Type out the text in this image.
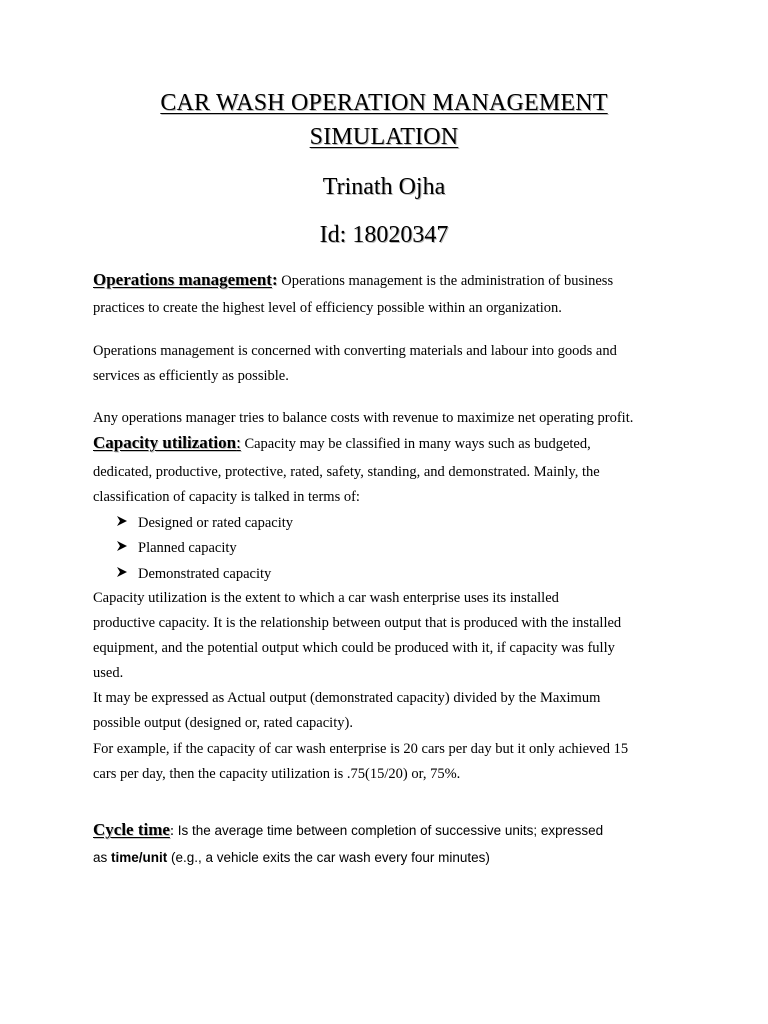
CAR WASH OPERATION MANAGEMENT
SIMULATION
Trinath Ojha
Id: 18020347
Operations management: Operations management is the administration of business
practices to create the highest level of efficiency possible within an organization.
Operations management is concerned with converting materials and labour into goods and
services as efficiently as possible.
Any operations manager tries to balance costs with revenue to maximize net operating profit.
Capacity utilization: Capacity may be classified in many ways such as budgeted,
dedicated, productive, protective, rated, safety, standing, and demonstrated. Mainly, the
classification of capacity is talked in terms of:
Designed or rated capacity
Planned capacity
Demonstrated capacity
Capacity utilization is the extent to which a car wash enterprise uses its installed
productive capacity. It is the relationship between output that is produced with the installed
equipment, and the potential output which could be produced with it, if capacity was fully
used.
It may be expressed as Actual output (demonstrated capacity) divided by the Maximum
possible output (designed or, rated capacity).
For example, if the capacity of car wash enterprise is 20 cars per day but it only achieved 15
cars per day, then the capacity utilization is .75(15/20) or, 75%.
Cycle time: Is the average time between completion of successive units; expressed
as time/unit (e.g., a vehicle exits the car wash every four minutes)
